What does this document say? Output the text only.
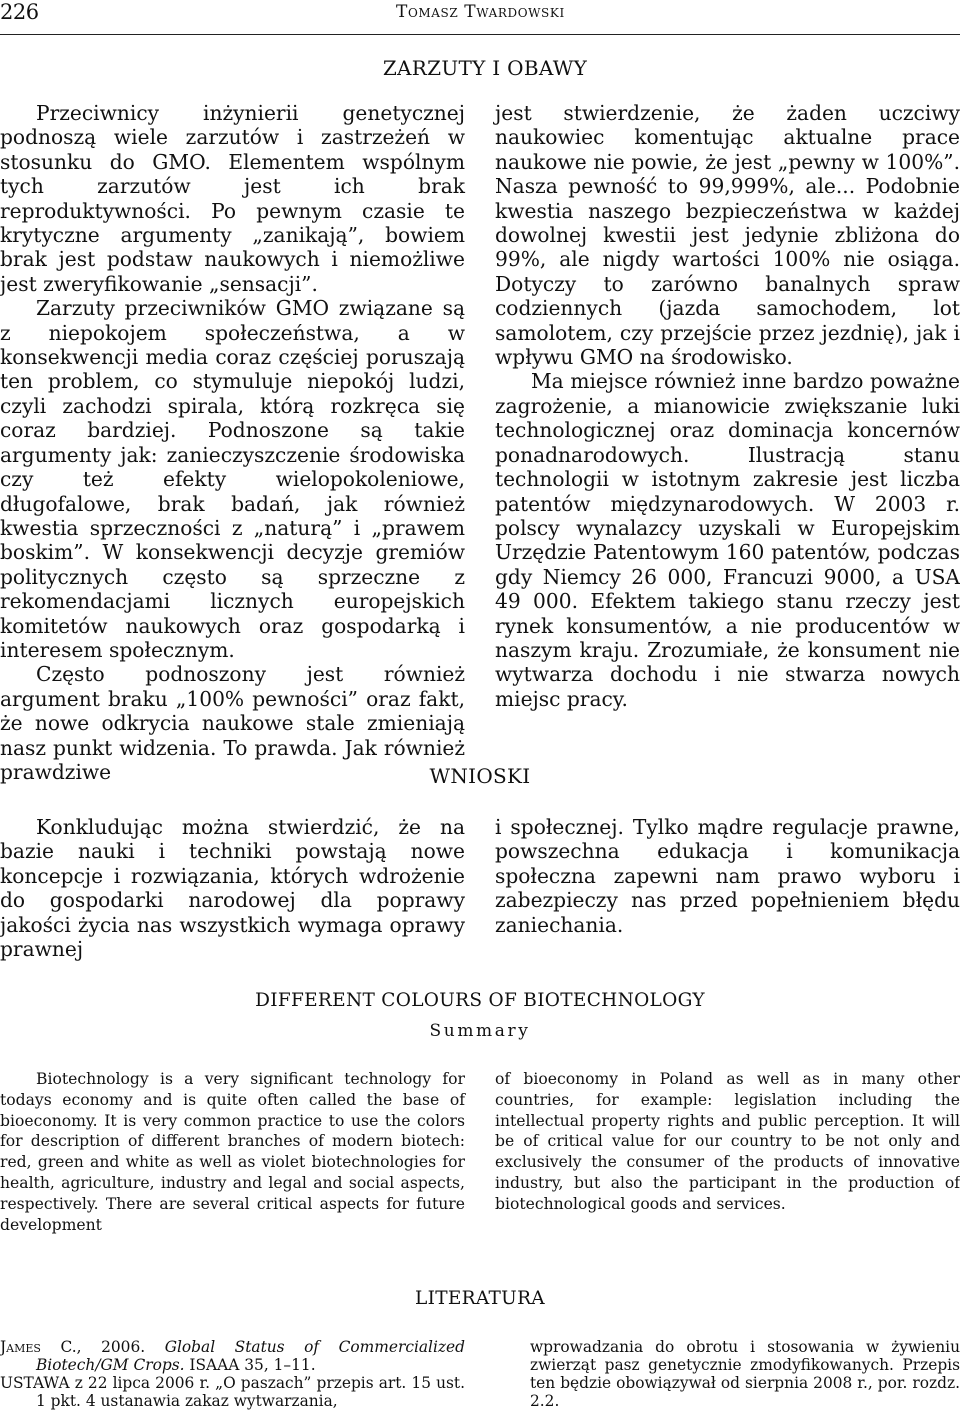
226	Tomasz Twardowski
ZARZUTY I OBAWY

Przeciwnicy inżynierii genetycznej podnoszą wiele zarzutów i zastrzeżeń w stosunku do GMO. Elementem wspólnym tych zarzutów jest ich brak reproduktywności. Po pewnym czasie te krytyczne argumenty „zanikają”, bowiem brak jest podstaw naukowych i niemożliwe jest zweryfikowanie „sensacji”.

Zarzuty przeciwników GMO związane są z niepokojem społeczeństwa, a w konsekwencji media coraz częściej poruszają ten problem, co stymuluje niepokój ludzi, czyli zachodzi spirala, którą rozkręca się coraz bardziej. Podnoszone są takie argumenty jak: zanieczyszczenie środowiska czy też efekty wielopokoleniowe, długofalowe, brak badań, jak również kwestia sprzeczności z „naturą” i „prawem boskim”. W konsekwencji decyzje gremiów politycznych często są sprzeczne z rekomendacjami licznych europejskich komitetów naukowych oraz gospodarką i interesem społecznym.

Często podnoszony jest również argument braku „100% pewności” oraz fakt, że nowe odkrycia naukowe stale zmieniają nasz punkt widzenia. To prawda. Jak również prawdziwe

jest stwierdzenie, że żaden uczciwy naukowiec komentując aktualne prace naukowe nie powie, że jest „pewny w 100%”. Nasza pewność to 99,999%, ale... Podobnie kwestia naszego bezpieczeństwa w każdej dowolnej kwestii jest jedynie zbliżona do 99%, ale nigdy wartości 100% nie osiąga. Dotyczy to zarówno banalnych spraw codziennych (jazda samochodem, lot samolotem, czy przejście przez jezdnię), jak i wpływu GMO na środowisko.

Ma miejsce również inne bardzo poważne zagrożenie, a mianowicie zwiększanie luki technologicznej oraz dominacja koncernów ponadnarodowych. Ilustracją stanu technologii w istotnym zakresie jest liczba patentów międzynarodowych. W 2003 r. polscy wynalazcy uzyskali w Europejskim Urzędzie Patentowym 160 patentów, podczas gdy Niemcy 26 000, Francuzi 9000, a USA 49 000. Efektem takiego stanu rzeczy jest rynek konsumentów, a nie producentów w naszym kraju. Zrozumiałe, że konsument nie wytwarza dochodu i nie stwarza nowych miejsc pracy.

WNIOSKI

Konkludując można stwierdzić, że na bazie nauki i techniki powstają nowe koncepcje i rozwiązania, których wdrożenie do gospodarki narodowej dla poprawy jakości życia nas wszystkich wymaga oprawy prawnej

i społecznej. Tylko mądre regulacje prawne, powszechna edukacja i komunikacja społeczna zapewni nam prawo wyboru i zabezpieczy nas przed popełnieniem błędu zaniechania.

DIFFERENT COLOURS OF BIOTECHNOLOGY
Summary

Biotechnology is a very significant technology for todays economy and is quite often called the base of bioeconomy. It is very common practice to use the colors for description of different branches of modern biotech: red, green and white as well as violet biotechnologies for health, agriculture, industry and legal and social aspects, respectively. There are several critical aspects for future development

of bioeconomy in Poland as well as in many other countries, for example: legislation including the intellectual property rights and public perception. It will be of critical value for our country to be not only and exclusively the consumer of the products of innovative industry, but also the participant in the production of biotechnological goods and services.

LITERATURA

James C., 2006. Global Status of Commercialized Biotech/GM Crops. ISAAA 35, 1–11.

USTAWA z 22 lipca 2006 r. „O paszach” przepis art. 15 ust. 1 pkt. 4 ustanawia zakaz wytwarzania,

wprowadzania do obrotu i stosowania w żywieniu zwierząt pasz genetycznie zmodyfikowanych. Przepis ten będzie obowiązywał od sierpnia 2008 r., por. rozdz. 2.2.
